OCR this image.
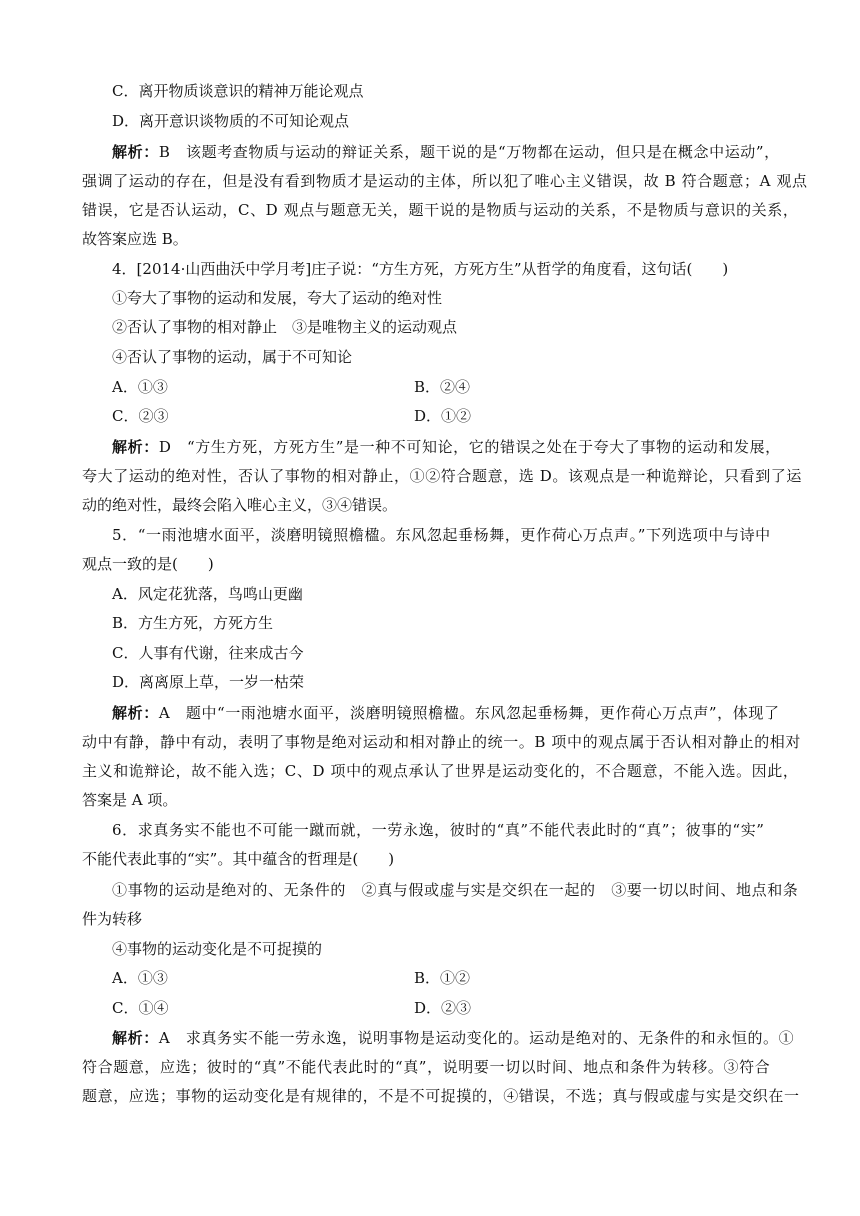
C．离开物质谈意识的精神万能论观点
D．离开意识谈物质的不可知论观点
解析：B　该题考查物质与运动的辩证关系，题干说的是“万物都在运动，但只是在概念中运动”，
强调了运动的存在，但是没有看到物质才是运动的主体，所以犯了唯心主义错误，故 B 符合题意；A 观点
错误，它是否认运动，C、D 观点与题意无关，题干说的是物质与运动的关系，不是物质与意识的关系，
故答案应选 B。
4．[2014·山西曲沃中学月考]庄子说：“方生方死，方死方生”从哲学的角度看，这句话(　　)
①夸大了事物的运动和发展，夸大了运动的绝对性
②否认了事物的相对静止　③是唯物主义的运动观点
④否认了事物的运动，属于不可知论
A．①③	B．②④
C．②③	D．①②
解析：D　“方生方死，方死方生”是一种不可知论，它的错误之处在于夸大了事物的运动和发展，
夸大了运动的绝对性，否认了事物的相对静止，①②符合题意，选 D。该观点是一种诡辩论，只看到了运
动的绝对性，最终会陷入唯心主义，③④错误。
5．“一雨池塘水面平，淡磨明镜照檐楹。东风忽起垂杨舞，更作荷心万点声。”下列选项中与诗中
观点一致的是(　　)
A．风定花犹落，鸟鸣山更幽
B．方生方死，方死方生
C．人事有代谢，往来成古今
D．离离原上草，一岁一枯荣
解析：A　题中“一雨池塘水面平，淡磨明镜照檐楹。东风忽起垂杨舞，更作荷心万点声”，体现了
动中有静，静中有动，表明了事物是绝对运动和相对静止的统一。B 项中的观点属于否认相对静止的相对
主义和诡辩论，故不能入选；C、D 项中的观点承认了世界是运动变化的，不合题意，不能入选。因此，
答案是 A 项。
6．求真务实不能也不可能一蹴而就，一劳永逸，彼时的“真”不能代表此时的“真”；彼事的“实”
不能代表此事的“实”。其中蕴含的哲理是(　　)
①事物的运动是绝对的、无条件的　②真与假或虚与实是交织在一起的　③要一切以时间、地点和条
件为转移
④事物的运动变化是不可捉摸的
A．①③	B．①②
C．①④	D．②③
解析：A　求真务实不能一劳永逸，说明事物是运动变化的。运动是绝对的、无条件的和永恒的。①
符合题意，应选；彼时的“真”不能代表此时的“真”，说明要一切以时间、地点和条件为转移。③符合
题意，应选；事物的运动变化是有规律的，不是不可捉摸的，④错误，不选；真与假或虚与实是交织在一
